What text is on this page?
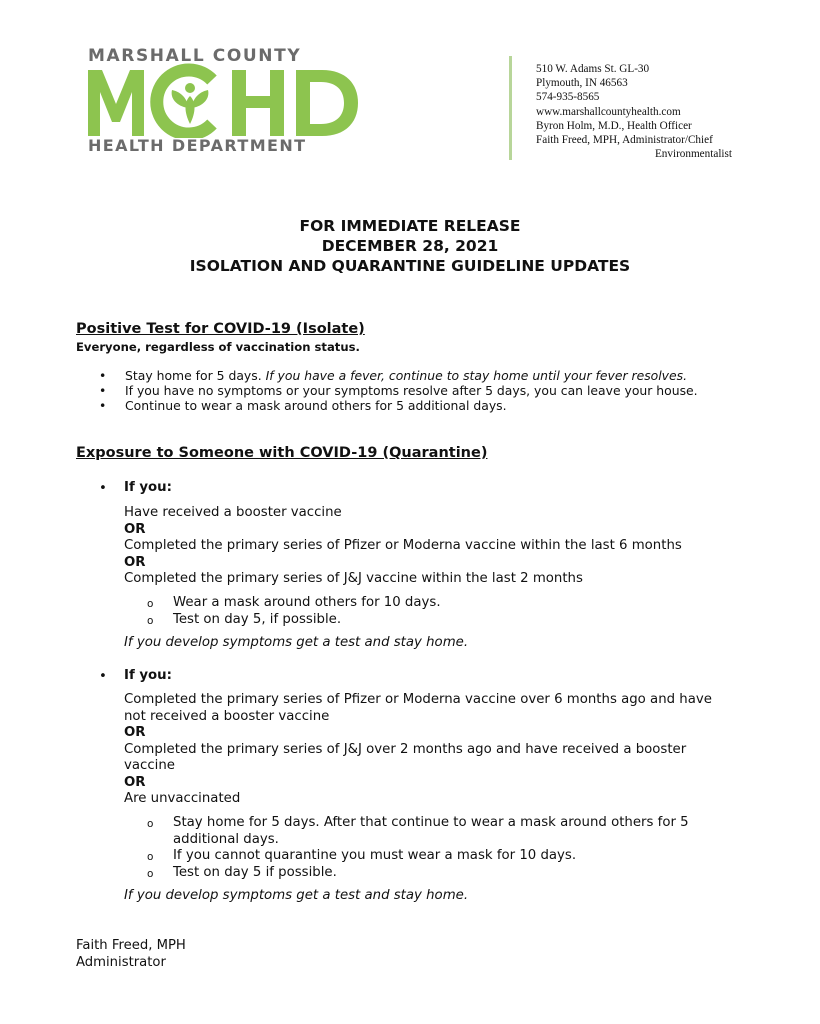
MARSHALL COUNTY
HEALTH DEPARTMENT
510 W. Adams St. GL-30
Plymouth, IN 46563
574-935-8565
www.marshallcountyhealth.com
Byron Holm, M.D., Health Officer
Faith Freed, MPH, Administrator/Chief
Environmentalist
FOR IMMEDIATE RELEASE
DECEMBER 28, 2021
ISOLATION AND QUARANTINE GUIDELINE UPDATES
Positive Test for COVID-19 (Isolate)
Everyone, regardless of vaccination status.
• Stay home for 5 days. If you have a fever, continue to stay home until your fever resolves.
• If you have no symptoms or your symptoms resolve after 5 days, you can leave your house.
• Continue to wear a mask around others for 5 additional days.
Exposure to Someone with COVID-19 (Quarantine)
• If you:
Have received a booster vaccine
OR
Completed the primary series of Pfizer or Moderna vaccine within the last 6 months
OR
Completed the primary series of J&J vaccine within the last 2 months
o Wear a mask around others for 10 days.
o Test on day 5, if possible.
If you develop symptoms get a test and stay home.
• If you:
Completed the primary series of Pfizer or Moderna vaccine over 6 months ago and have not received a booster vaccine
OR
Completed the primary series of J&J over 2 months ago and have received a booster vaccine
OR
Are unvaccinated
o Stay home for 5 days. After that continue to wear a mask around others for 5 additional days.
o If you cannot quarantine you must wear a mask for 10 days.
o Test on day 5 if possible.
If you develop symptoms get a test and stay home.
Faith Freed, MPH
Administrator
